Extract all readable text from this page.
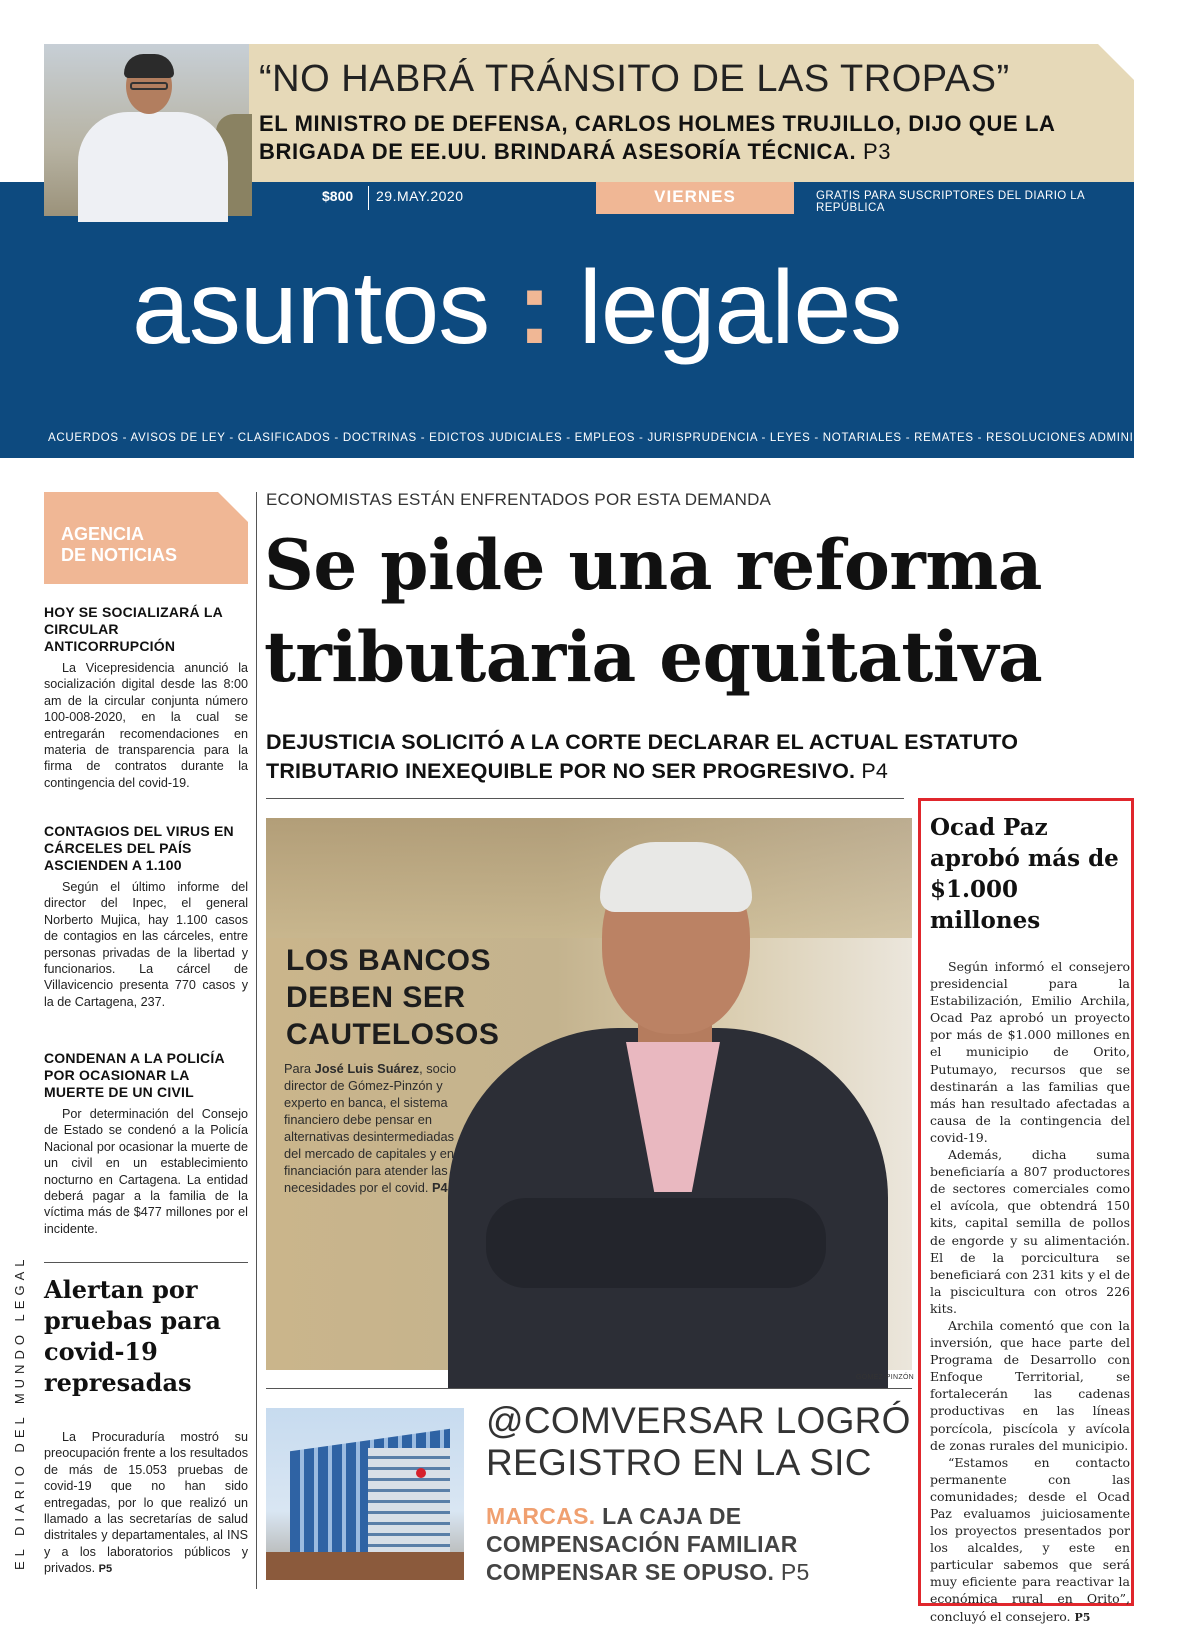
“NO HABRÁ TRÁNSITO DE LAS TROPAS”
EL MINISTRO DE DEFENSA, CARLOS HOLMES TRUJILLO, DIJO QUE LA BRIGADA DE EE.UU. BRINDARÁ ASESORÍA TÉCNICA. P3
$800 29.MAY.2020	VIERNES	GRATIS PARA SUSCRIPTORES DEL DIARIO LA REPÚBLICA
asuntos : legales
ACUERDOS - AVISOS DE LEY - CLASIFICADOS - DOCTRINAS - EDICTOS JUDICIALES - EMPLEOS - JURISPRUDENCIA - LEYES - NOTARIALES - REMATES - RESOLUCIONES ADMINISTRATIVAS
AGENCIA
DE NOTICIAS
HOY SE SOCIALIZARÁ LA CIRCULAR ANTICORRUPCIÓN

La Vicepresidencia anunció la socialización digital desde las 8:00 am de la circular conjunta número 100-008-2020, en la cual se entregarán recomendaciones en materia de transparencia para la firma de contratos durante la contingencia del covid-19.

CONTAGIOS DEL VIRUS EN CÁRCELES DEL PAÍS ASCIENDEN A 1.100

Según el último informe del director del Inpec, el general Norberto Mujica, hay 1.100 casos de contagios en las cárceles, entre personas privadas de la libertad y funcionarios. La cárcel de Villavicencio presenta 770 casos y la de Cartagena, 237.

CONDENAN A LA POLICÍA POR OCASIONAR LA MUERTE DE UN CIVIL

Por determinación del Consejo de Estado se condenó a la Policía Nacional por ocasionar la muerte de un civil en un establecimiento nocturno en Cartagena. La entidad deberá pagar a la familia de la víctima más de $477 millones por el incidente.

Alertan por pruebas para covid-19 represadas

La Procuraduría mostró su preocupación frente a los resultados de más de 15.053 pruebas de covid-19 que no han sido entregadas, por lo que realizó un llamado a las secretarías de salud distritales y departamentales, al INS y a los laboratorios públicos y privados. P5

EL DIARIO DEL MUNDO LEGAL
ECONOMISTAS ESTÁN ENFRENTADOS POR ESTA DEMANDA
Se pide una reforma tributaria equitativa
DEJUSTICIA SOLICITÓ A LA CORTE DECLARAR EL ACTUAL ESTATUTO TRIBUTARIO INEXEQUIBLE POR NO SER PROGRESIVO. P4
LOS BANCOS DEBEN SER CAUTELOSOS
Para José Luis Suárez, socio director de Gómez-Pinzón y experto en banca, el sistema financiero debe pensar en alternativas desintermediadas del mercado de capitales y en financiación para atender las necesidades por el covid. P4
GÓMEZ-PINZÓN
@COMVERSAR LOGRÓ REGISTRO EN LA SIC
MARCAS. LA CAJA DE COMPENSACIÓN FAMILIAR COMPENSAR SE OPUSO. P5
Ocad Paz aprobó más de $1.000 millones

Según informó el consejero presidencial para la Estabilización, Emilio Archila, Ocad Paz aprobó un proyecto por más de $1.000 millones en el municipio de Orito, Putumayo, recursos que se destinarán a las familias que más han resultado afectadas a causa de la contingencia del covid-19.

Además, dicha suma beneficiaría a 807 productores de sectores comerciales como el avícola, que obtendrá 150 kits, capital semilla de pollos de engorde y su alimentación. El de la porcicultura se beneficiará con 231 kits y el de la piscicultura con otros 226 kits.

Archila comentó que con la inversión, que hace parte del Programa de Desarrollo con Enfoque Territorial, se fortalecerán las cadenas productivas en las líneas porcícola, piscícola y avícola de zonas rurales del municipio.

“Estamos en contacto permanente con las comunidades; desde el Ocad Paz evaluamos juiciosamente los proyectos presentados por los alcaldes, y este en particular sabemos que será muy eficiente para reactivar la económica rural en Orito”, concluyó el consejero. P5
